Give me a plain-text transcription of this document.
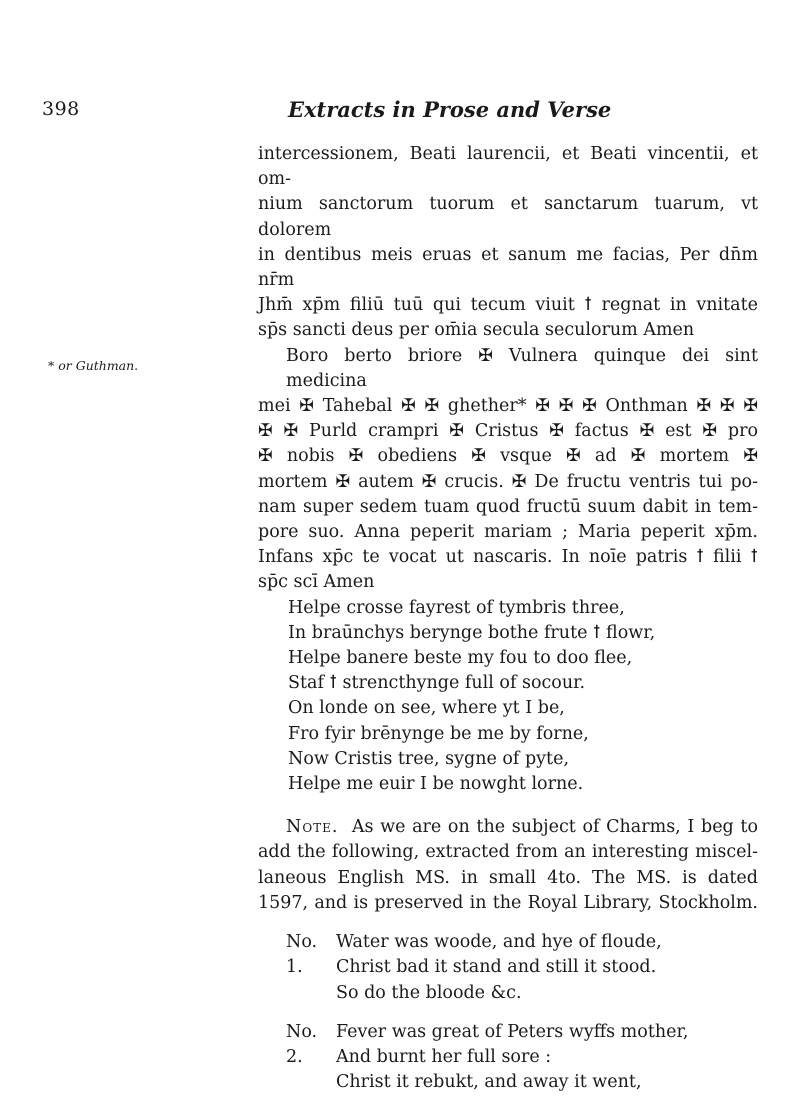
398	Extracts in Prose and Verse
* or Guthman.
intercessionem, Beati laurencii, et Beati vincentii, et om-
nium sanctorum tuorum et sanctarum tuarum, vt dolorem
in dentibus meis eruas et sanum me facias, Per dn̄m nr̄m
Jhm̄ xp̄m filiū tuū qui tecum viuit ꝉ regnat in vnitate
sp̄s sancti deus per om̄ia secula seculorum Amen
Boro berto briore ✠ Vulnera quinque dei sint medicina
mei ✠ Tahebal ✠ ✠ ghether* ✠ ✠ ✠ Onthman ✠ ✠ ✠
✠ ✠ Purld crampri ✠ Cristus ✠ factus ✠ est ✠ pro
✠ nobis ✠ obediens ✠ vsque ✠ ad ✠ mortem ✠
mortem ✠ autem ✠ crucis. ✠ De fructu ventris tui po-
nam super sedem tuam quod fructū suum dabit in tem-
pore suo. Anna peperit mariam ; Maria peperit xp̄m.
Infans xp̄c te vocat ut nascaris. In noīe patris ꝉ filii ꝉ
sp̄c scī Amen
Helpe crosse fayrest of tymbris three,
In braūnchys berynge bothe frute ꝉ flowr,
Helpe banere beste my fou to doo flee,
Staf ꝉ strencthynge full of socour.
On londe on see, where yt I be,
Fro fyir brēnynge be me by forne,
Now Cristis tree, sygne of pyte,
Helpe me euir I be nowght lorne.
Note. As we are on the subject of Charms, I beg to
add the following, extracted from an interesting miscel-
laneous English MS. in small 4to. The MS. is dated
1597, and is preserved in the Royal Library, Stockholm.
No. 1.
Water was woode, and hye of floude,
Christ bad it stand and still it stood.
So do the bloode &c.
No. 2.
Fever was great of Peters wyffs mother,
And burnt her full sore :
Christ it rebukt, and away it went,
